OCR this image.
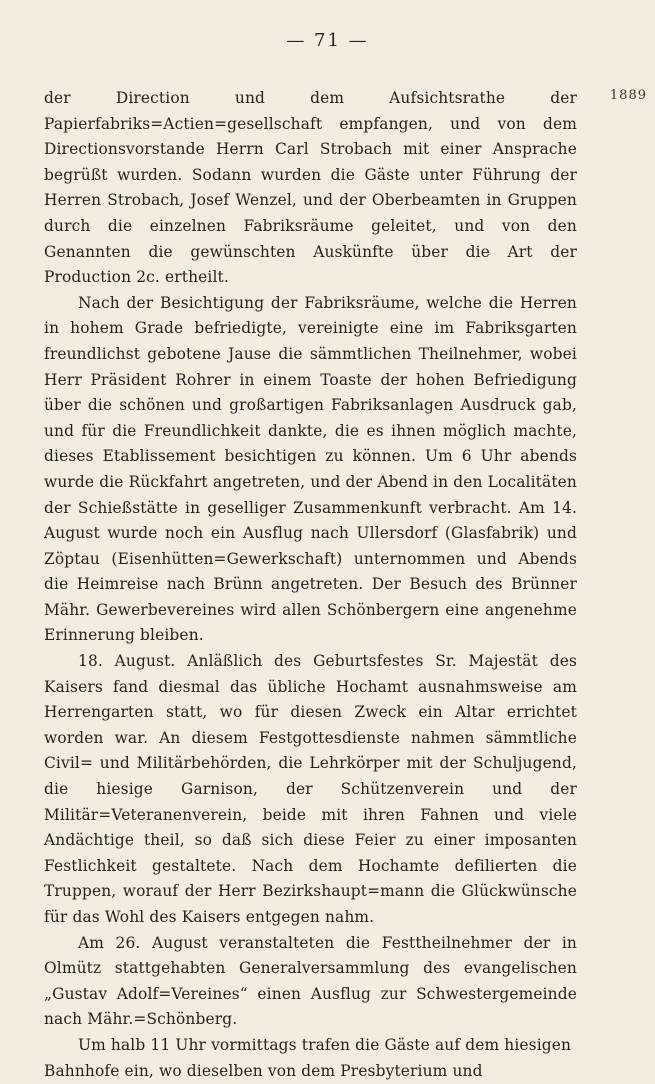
— 71 —
1889

der Direction und dem Aufsichtsrathe der Papierfabriks=Actien=gesellschaft empfangen, und von dem Directionsvorstande Herrn Carl Strobach mit einer Ansprache begrüßt wurden. Sodann wurden die Gäste unter Führung der Herren Strobach, Josef Wenzel, und der Oberbeamten in Gruppen durch die einzelnen Fabriksräume geleitet, und von den Genannten die gewünschten Auskünfte über die Art der Production 2c. ertheilt.

Nach der Besichtigung der Fabriksräume, welche die Herren in hohem Grade befriedigte, vereinigte eine im Fabriksgarten freundlichst gebotene Jause die sämmtlichen Theilnehmer, wobei Herr Präsident Rohrer in einem Toaste der hohen Befriedigung über die schönen und großartigen Fabriksanlagen Ausdruck gab, und für die Freundlichkeit dankte, die es ihnen möglich machte, dieses Etablissement besichtigen zu können. Um 6 Uhr abends wurde die Rückfahrt angetreten, und der Abend in den Localitäten der Schießstätte in geselliger Zusammenkunft verbracht. Am 14. August wurde noch ein Ausflug nach Ullersdorf (Glasfabrik) und Zöptau (Eisenhütten=Gewerkschaft) unternommen und Abends die Heimreise nach Brünn angetreten. Der Besuch des Brünner Mähr. Gewerbevereines wird allen Schönbergern eine angenehme Erinnerung bleiben.

18. August. Anläßlich des Geburtsfestes Sr. Majestät des Kaisers fand diesmal das übliche Hochamt ausnahmsweise am Herrengarten statt, wo für diesen Zweck ein Altar errichtet worden war. An diesem Festgottesdienste nahmen sämmtliche Civil= und Militärbehörden, die Lehrkörper mit der Schuljugend, die hiesige Garnison, der Schützenverein und der Militär=Veteranenverein, beide mit ihren Fahnen und viele Andächtige theil, so daß sich diese Feier zu einer imposanten Festlichkeit gestaltete. Nach dem Hochamte defilierten die Truppen, worauf der Herr Bezirkshaupt=mann die Glückwünsche für das Wohl des Kaisers entgegen nahm.

Am 26. August veranstalteten die Festtheilnehmer der in Olmütz stattgehabten Generalversammlung des evangelischen „Gustav Adolf=Vereines“ einen Ausflug zur Schwestergemeinde nach Mähr.=Schönberg.

Um halb 11 Uhr vormittags trafen die Gäste auf dem hiesigen Bahnhofe ein, wo dieselben von dem Presbyterium und
